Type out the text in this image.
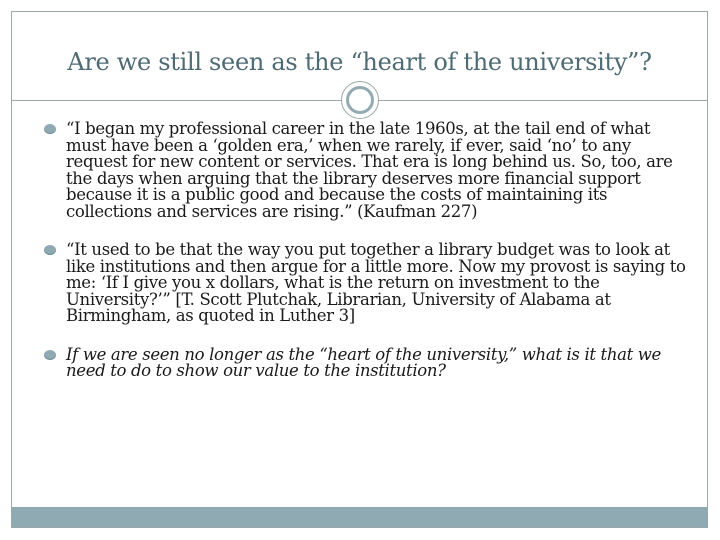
Are we still seen as the “heart of the university”?
“I began my professional career in the late 1960s, at the tail end of what must have been a ‘golden era,’ when we rarely, if ever, said ‘no’ to any request for new content or services. That era is long behind us. So, too, are the days when arguing that the library deserves more financial support because it is a public good and because the costs of maintaining its collections and services are rising.” (Kaufman 227)
“It used to be that the way you put together a library budget was to look at like institutions and then argue for a little more. Now my provost is saying to me: ‘If I give you x dollars, what is the return on investment to the University?’” [T. Scott Plutchak, Librarian, University of Alabama at Birmingham, as quoted in Luther 3]
If we are seen no longer as the “heart of the university,” what is it that we need to do to show our value to the institution?
